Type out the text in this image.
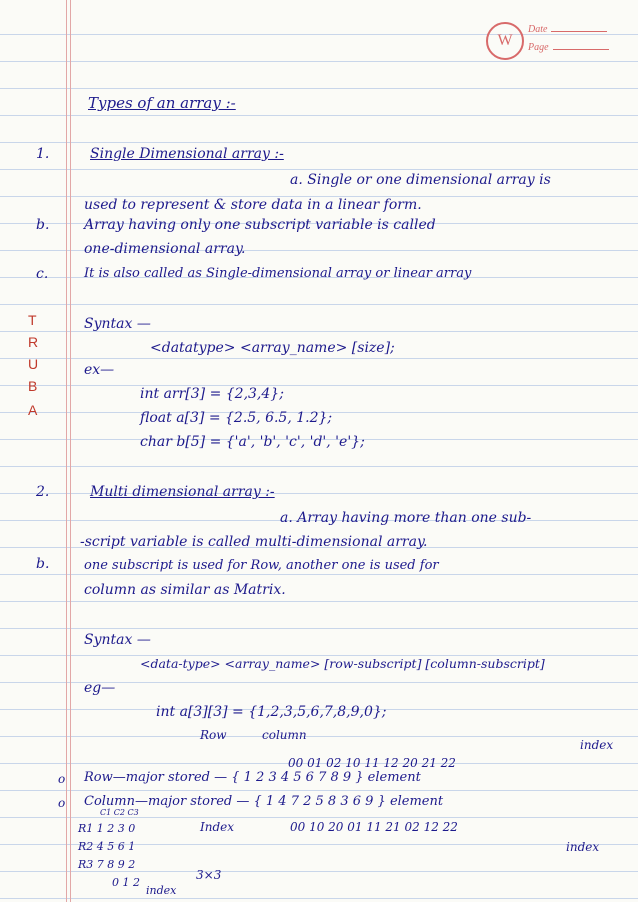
W
Date
Page
Types of an array :-
1.	Single Dimensional array :-
a. Single or one dimensional array is
used to represent & store data in a linear form.
b. Array having only one subscript variable is called
one-dimensional array.
c.	It is also called as Single-dimensional array or linear array
T
R
U
B
A
Syntax —
<datatype> <array_name> [size];
ex—
int arr[3] = {2,3,4};
float a[3] = {2.5, 6.5, 1.2};
char b[5] = {'a', 'b', 'c', 'd', 'e'};
2.	Multi dimensional array :-
a. Array having more than one sub-
-script variable is called multi-dimensional array.
b.	one subscript is used for Row, another one is used for
column as similar as Matrix.
Syntax —
<data-type> <array_name> [row-subscript] [column-subscript]
eg—
int a[3][3] = {1,2,3,5,6,7,8,9,0};
Row	column
00 01 02 10 11 12 20 21 22
index
o Row—major stored — { 1 2 3 4 5 6 7 8 9 } element
o Column—major stored — { 1 4 7 2 5 8 3 6 9 } element
00 10 20 01 11 21 02 12 22
index
C1 C2 C3
R1 1 2 3 0
R2 4 5 6 1
R3 7 8 9 2
0 1 2
Index
3×3
index
